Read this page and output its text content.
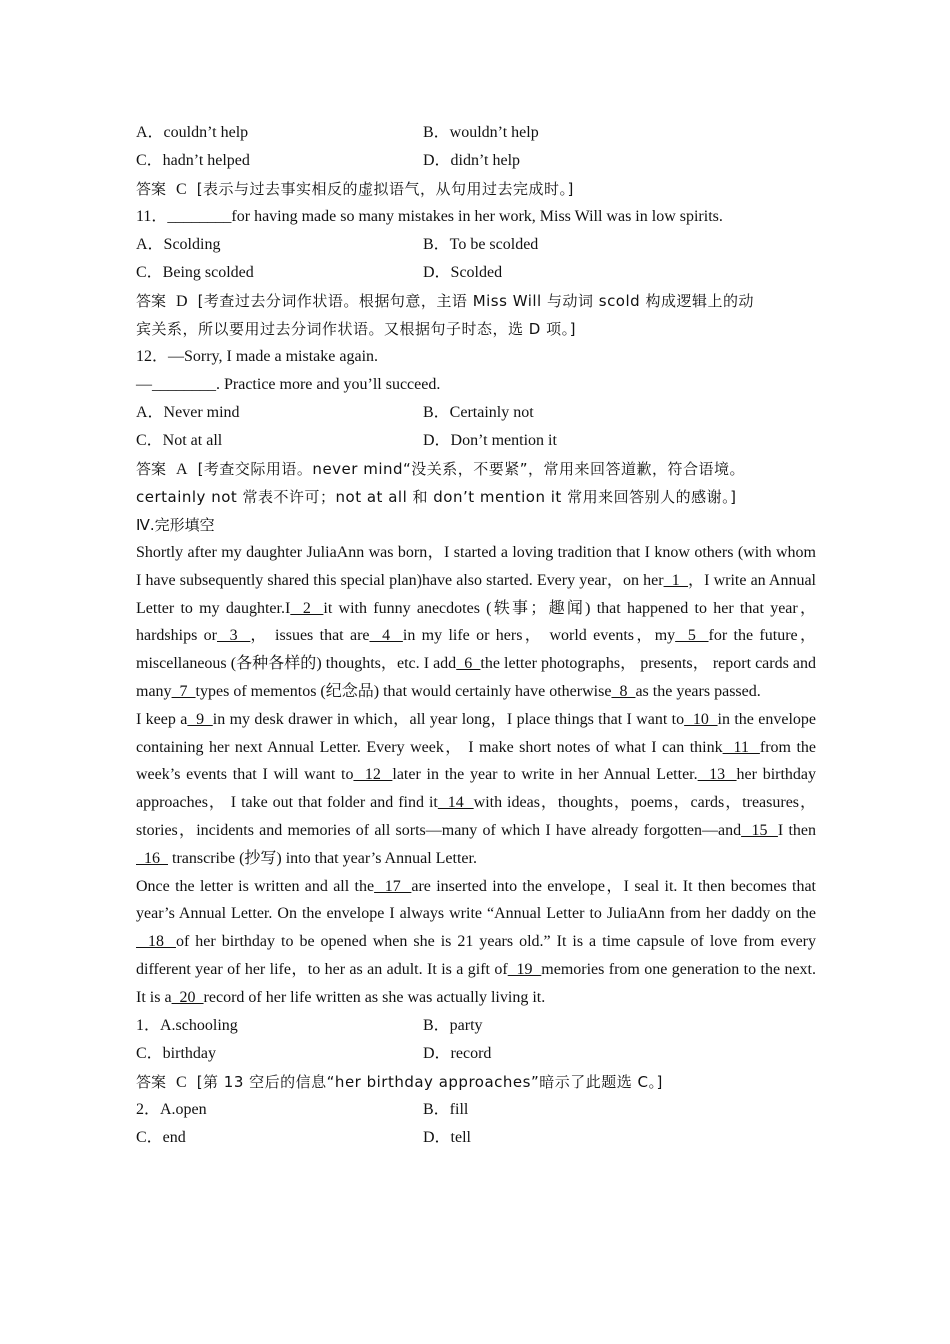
A．couldn’t help	B．wouldn’t help
C．hadn’t helped	D．didn’t help
答案 C [表示与过去事实相反的虚拟语气，从句用过去完成时。]
11．________for having made so many mistakes in her work, Miss Will was in low spirits.
A．Scolding	B．To be scolded
C．Being scolded	D．Scolded
答案 D [考查过去分词作状语。根据句意，主语 Miss Will 与动词 scold 构成逻辑上的动
宾关系，所以要用过去分词作状语。又根据句子时态，选 D 项。]
12．—Sorry, I made a mistake again.
—________. Practice more and you’ll succeed.
A．Never mind	B．Certainly not
C．Not at all	D．Don’t mention it
答案 A [考查交际用语。never mind“没关系，不要紧”，常用来回答道歉，符合语境。
certainly not 常表不许可；not at all 和 don’t mention it 常用来回答别人的感谢。]
Ⅳ.完形填空

Shortly after my daughter JuliaAnn was born，I started a loving tradition that I know others (with whom I have subsequently shared this special plan)have also started. Every year，on her  1  ，I write an Annual Letter to my daughter.I  2  it with funny anecdotes (轶事；趣闻) that happened to her that year， hardships or  3  ， issues that are  4  in my life or hers， world events，my  5  for the future，miscellaneous (各种各样的) thoughts，etc. I add  6  the letter photographs， presents， report cards and many  7  types of mementos (纪念品) that would certainly have otherwise  8  as the years passed.

I keep a  9  in my desk drawer in which，all year long，I place things that I want to  10  in the envelope containing her next Annual Letter. Every week， I make short notes of what I can think  11  from the week’s events that I will want to  12  later in the year to write in her Annual Letter.  13  her birthday approaches， I take out that folder and find it  14  with ideas，thoughts，poems，cards，treasures，stories，incidents and memories of all sorts—many of which I have already forgotten—and  15  I then  16   transcribe (抄写) into that year’s Annual Letter.

Once the letter is written and all the  17  are inserted into the envelope，I seal it. It then becomes that year’s Annual Letter. On the envelope I always write “Annual Letter to JuliaAnn from her daddy on the  18  of her birthday to be opened when she is 21 years old.” It is a time capsule of love from every different year of her life，to her as an adult. It is a gift of  19  memories from one generation to the next. It is a  20  record of her life written as she was actually living it.

1．A.schooling	B．party
C．birthday	D．record
答案 C [第 13 空后的信息“her birthday approaches”暗示了此题选 C。]
2．A.open	B．fill
C．end	D．tell
